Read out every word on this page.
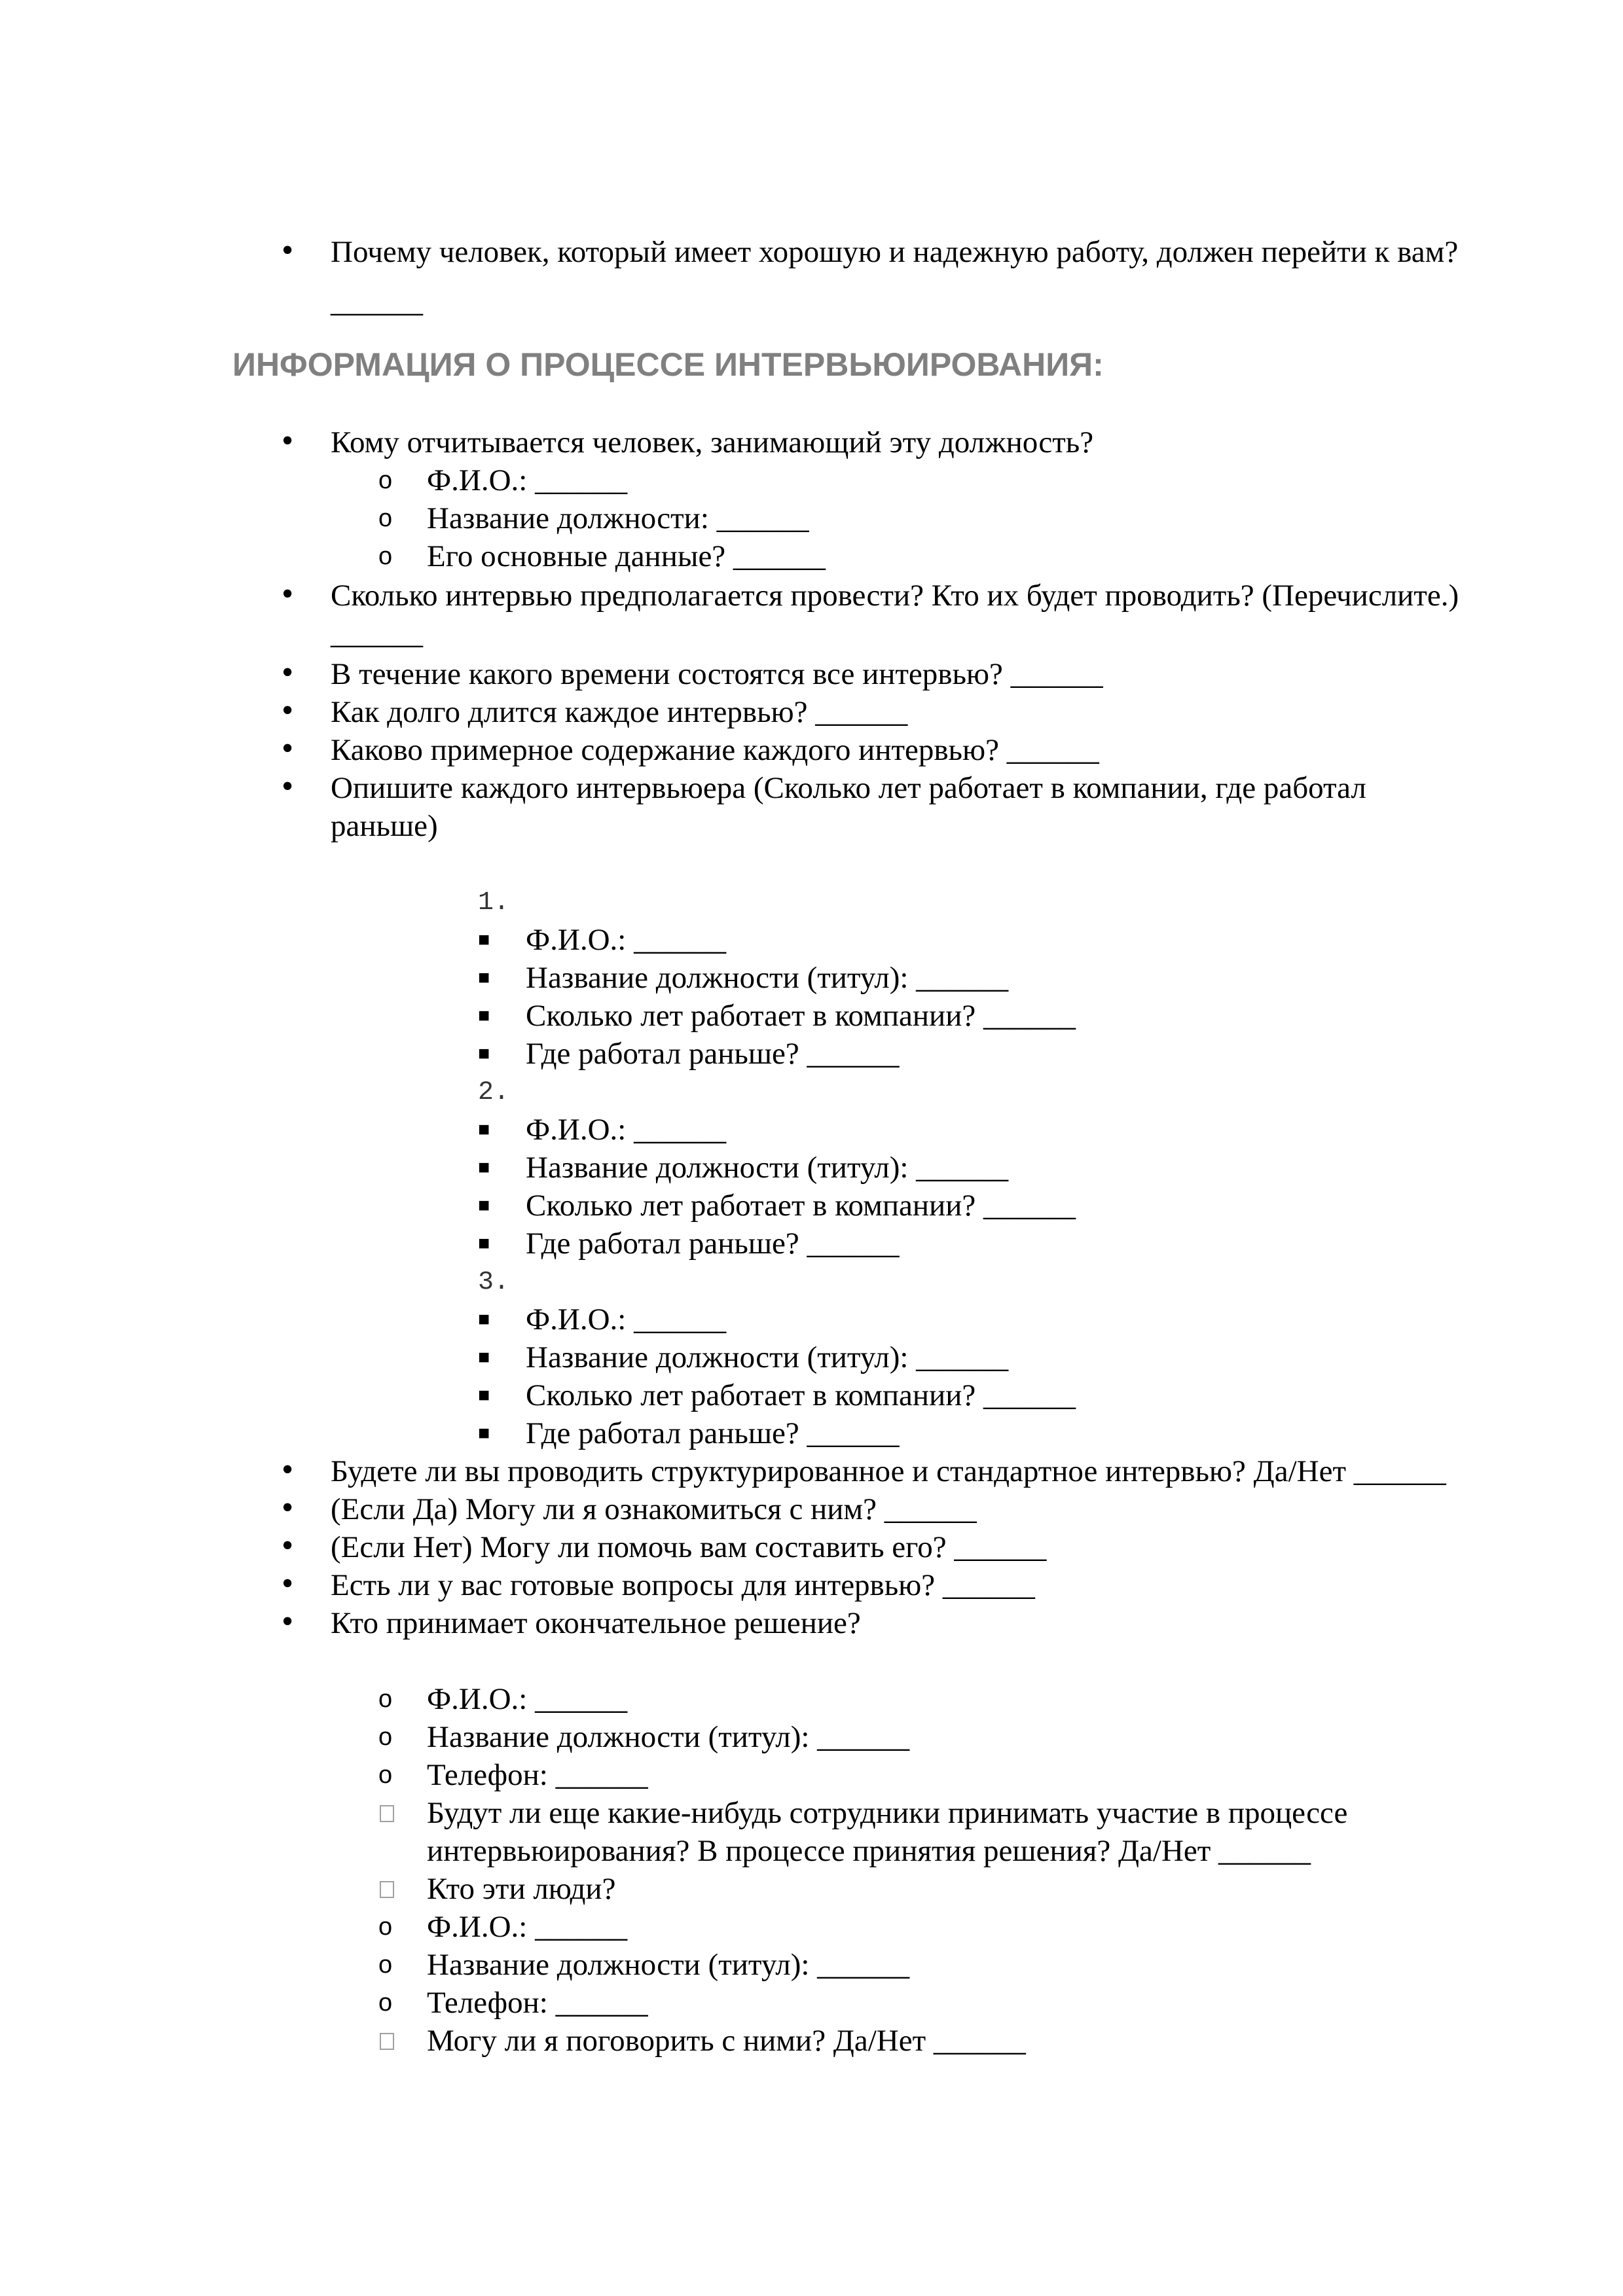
•
Почему человек, который имеет хорошую и надежную работу, должен перейти к вам?
______
ИНФОРМАЦИЯ О ПРОЦЕССЕ ИНТЕРВЬЮИРОВАНИЯ:
•
Кому отчитывается человек, занимающий эту должность?
o Ф.И.О.: ______
o Название должности: ______
o Его основные данные? ______
•
Сколько интервью предполагается провести? Кто их будет проводить? (Перечислите.)
______
•
В течение какого времени состоятся все интервью? ______
•
Как долго длится каждое интервью? ______
•
Каково примерное содержание каждого интервью? ______
•
Опишите каждого интервьюера (Сколько лет работает в компании, где работал
раньше)
1.
■ Ф.И.О.: ______
■ Название должности (титул): ______
■ Сколько лет работает в компании? ______
■ Где работал раньше? ______
2.
■ Ф.И.О.: ______
■ Название должности (титул): ______
■ Сколько лет работает в компании? ______
■ Где работал раньше? ______
3.
■ Ф.И.О.: ______
■ Название должности (титул): ______
■ Сколько лет работает в компании? ______
■ Где работал раньше? ______
•
Будете ли вы проводить структурированное и стандартное интервью? Да/Нет ______
•
(Если Да) Могу ли я ознакомиться с ним? ______
•
(Если Нет) Могу ли помочь вам составить его? ______
•
Есть ли у вас готовые вопросы для интервью? ______
•
Кто принимает окончательное решение?
o Ф.И.О.: ______
o Название должности (титул): ______
o Телефон: ______
Будут ли еще какие-нибудь сотрудники принимать участие в процессе
интервьюирования? В процессе принятия решения? Да/Нет ______
Кто эти люди?
o Ф.И.О.: ______
o Название должности (титул): ______
o Телефон: ______
Могу ли я поговорить с ними? Да/Нет ______
